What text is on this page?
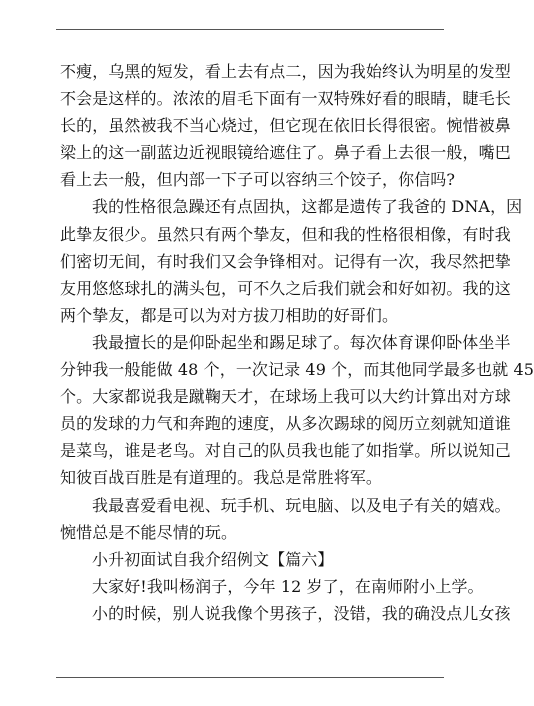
不瘦，乌黑的短发，看上去有点二，因为我始终认为明星的发型
不会是这样的。浓浓的眉毛下面有一双特殊好看的眼睛，睫毛长
长的，虽然被我不当心烧过，但它现在依旧长得很密。惋惜被鼻
梁上的这一副蓝边近视眼镜给遮住了。鼻子看上去很一般，嘴巴
看上去一般，但内部一下子可以容纳三个饺子，你信吗?
我的性格很急躁还有点固执，这都是遗传了我爸的 DNA，因
此挚友很少。虽然只有两个挚友，但和我的性格很相像，有时我
们密切无间，有时我们又会争锋相对。记得有一次，我尽然把挚
友用悠悠球扎的满头包，可不久之后我们就会和好如初。我的这
两个挚友，都是可以为对方拔刀相助的好哥们。
我最擅长的是仰卧起坐和踢足球了。每次体育课仰卧体坐半
分钟我一般能做 48 个，一次记录 49 个，而其他同学最多也就 45
个。大家都说我是蹴鞠天才，在球场上我可以大约计算出对方球
员的发球的力气和奔跑的速度，从多次踢球的阅历立刻就知道谁
是菜鸟，谁是老鸟。对自己的队员我也能了如指掌。所以说知己
知彼百战百胜是有道理的。我总是常胜将军。
我最喜爱看电视、玩手机、玩电脑、以及电子有关的嬉戏。
惋惜总是不能尽情的玩。
小升初面试自我介绍例文【篇六】
大家好!我叫杨润子，今年 12 岁了，在南师附小上学。
小的时候，别人说我像个男孩子，没错，我的确没点儿女孩
